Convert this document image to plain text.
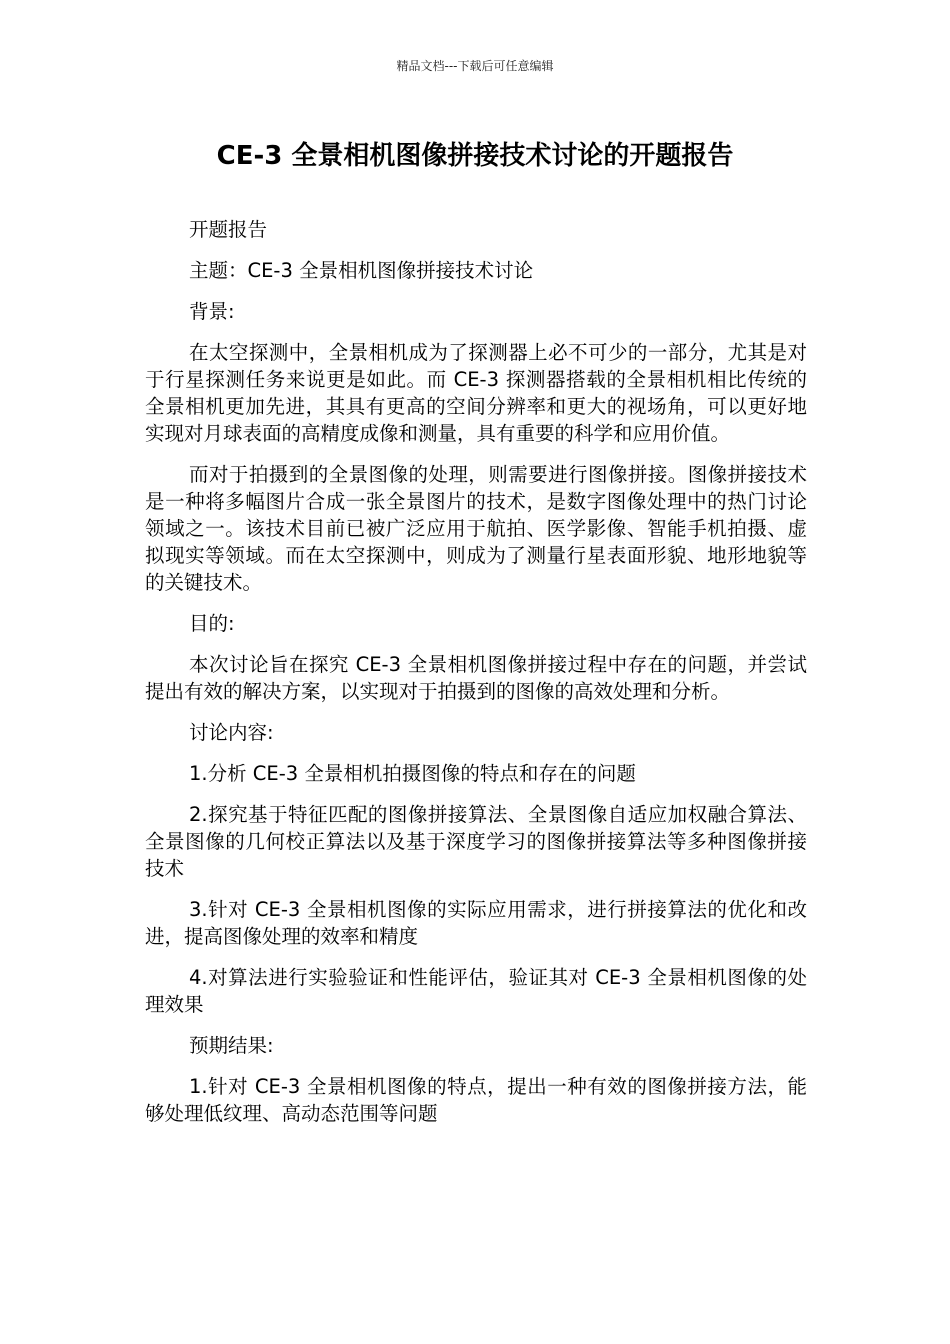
精品文档---下载后可任意编辑
CE-3 全景相机图像拼接技术讨论的开题报告

开题报告

主题：CE-3 全景相机图像拼接技术讨论

背景:

在太空探测中，全景相机成为了探测器上必不可少的一部分，尤其是对于行星探测任务来说更是如此。而 CE-3 探测器搭载的全景相机相比传统的全景相机更加先进，其具有更高的空间分辨率和更大的视场角，可以更好地实现对月球表面的高精度成像和测量，具有重要的科学和应用价值。

而对于拍摄到的全景图像的处理，则需要进行图像拼接。图像拼接技术是一种将多幅图片合成一张全景图片的技术，是数字图像处理中的热门讨论领域之一。该技术目前已被广泛应用于航拍、医学影像、智能手机拍摄、虚拟现实等领域。而在太空探测中，则成为了测量行星表面形貌、地形地貌等的关键技术。

目的:

本次讨论旨在探究 CE-3 全景相机图像拼接过程中存在的问题，并尝试提出有效的解决方案，以实现对于拍摄到的图像的高效处理和分析。

讨论内容:

1.分析 CE-3 全景相机拍摄图像的特点和存在的问题

2.探究基于特征匹配的图像拼接算法、全景图像自适应加权融合算法、全景图像的几何校正算法以及基于深度学习的图像拼接算法等多种图像拼接技术

3.针对 CE-3 全景相机图像的实际应用需求，进行拼接算法的优化和改进，提高图像处理的效率和精度

4.对算法进行实验验证和性能评估，验证其对 CE-3 全景相机图像的处理效果

预期结果:

1.针对 CE-3 全景相机图像的特点，提出一种有效的图像拼接方法，能够处理低纹理、高动态范围等问题
